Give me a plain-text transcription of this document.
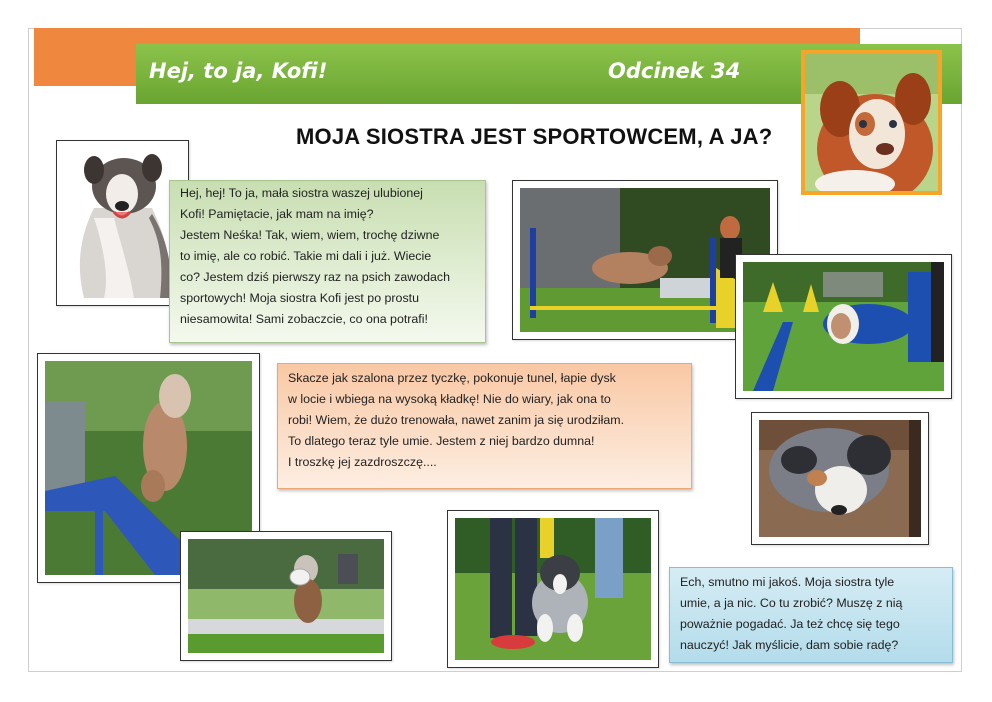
Hej, to ja, Kofi!	Odcinek 34
MOJA SIOSTRA JEST SPORTOWCEM, A JA?

Hej, hej! To ja, mała siostra waszej ulubionej

Kofi! Pamiętacie, jak mam na imię?

Jestem Neśka! Tak, wiem, wiem, trochę dziwne

to imię, ale co robić. Takie mi dali i już. Wiecie

co? Jestem dziś pierwszy raz na psich zawodach

sportowych! Moja siostra Kofi jest po prostu

niesamowita! Sami zobaczcie, co ona potrafi!

Skacze jak szalona przez tyczkę, pokonuje tunel, łapie dysk

w locie i wbiega na wysoką kładkę! Nie do wiary, jak ona to

robi! Wiem, że dużo trenowała, nawet zanim ja się urodziłam.

To dlatego teraz tyle umie. Jestem z niej bardzo dumna!

I troszkę jej zazdroszczę....

Ech, smutno mi jakoś. Moja siostra tyle

umie, a ja nic. Co tu zrobić? Muszę z nią

poważnie pogadać. Ja też chcę się tego

nauczyć! Jak myślicie, dam sobie radę?
